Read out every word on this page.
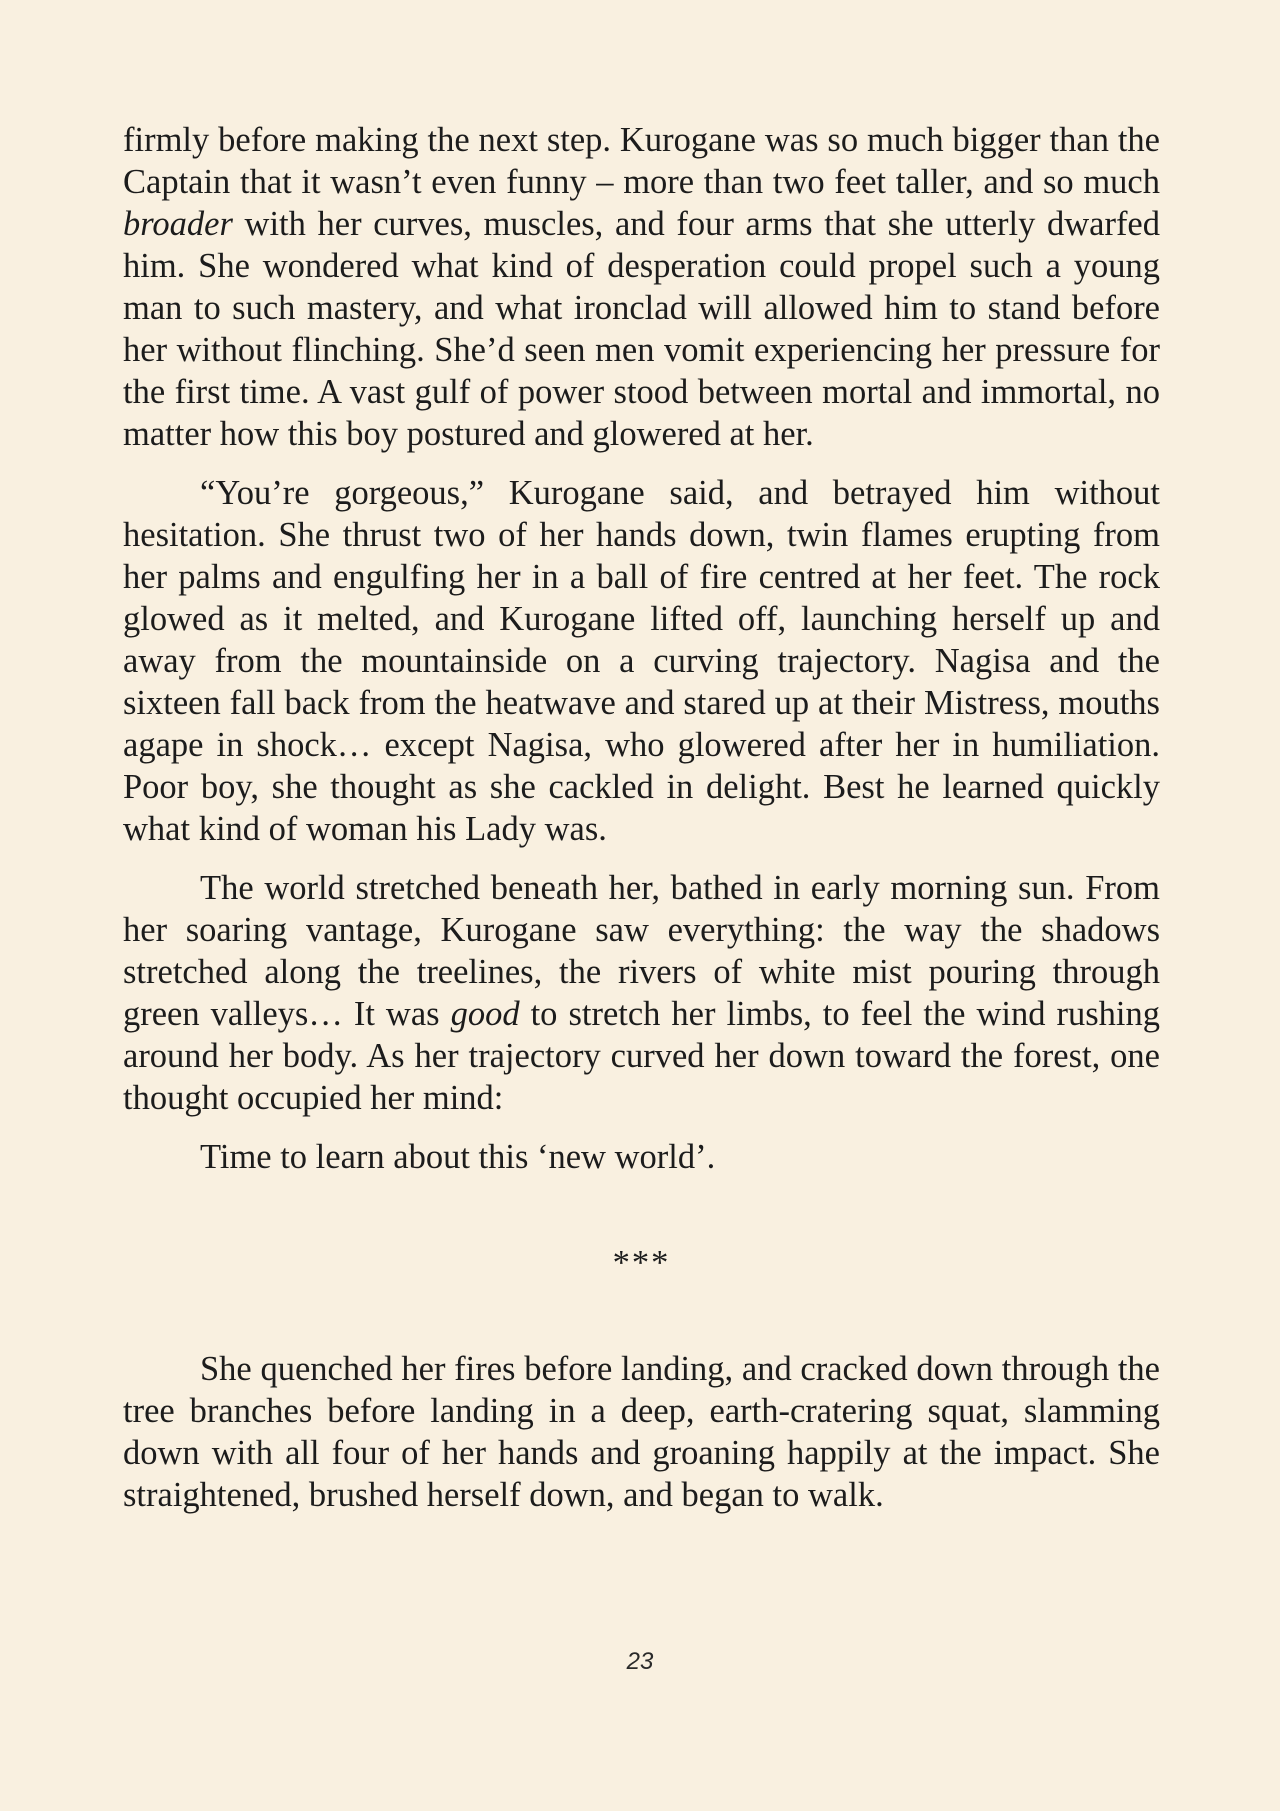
firmly before making the next step. Kurogane was so much bigger than the Captain that it wasn’t even funny – more than two feet taller, and so much broader with her curves, muscles, and four arms that she utterly dwarfed him. She wondered what kind of desperation could propel such a young man to such mastery, and what ironclad will allowed him to stand before her without flinching. She’d seen men vomit experiencing her pressure for the first time. A vast gulf of power stood between mortal and immortal, no matter how this boy postured and glowered at her.

“You’re gorgeous,” Kurogane said, and betrayed him without hesitation. She thrust two of her hands down, twin flames erupting from her palms and engulfing her in a ball of fire centred at her feet. The rock glowed as it melted, and Kurogane lifted off, launching herself up and away from the mountainside on a curving trajectory. Nagisa and the sixteen fall back from the heatwave and stared up at their Mistress, mouths agape in shock… except Nagisa, who glowered after her in humiliation. Poor boy, she thought as she cackled in delight. Best he learned quickly what kind of woman his Lady was.

The world stretched beneath her, bathed in early morning sun. From her soaring vantage, Kurogane saw everything: the way the shadows stretched along the treelines, the rivers of white mist pouring through green valleys… It was good to stretch her limbs, to feel the wind rushing around her body. As her trajectory curved her down toward the forest, one thought occupied her mind:

Time to learn about this ‘new world’.

***

She quenched her fires before landing, and cracked down through the tree branches before landing in a deep, earth-cratering squat, slamming down with all four of her hands and groaning happily at the impact. She straightened, brushed herself down, and began to walk.

23
